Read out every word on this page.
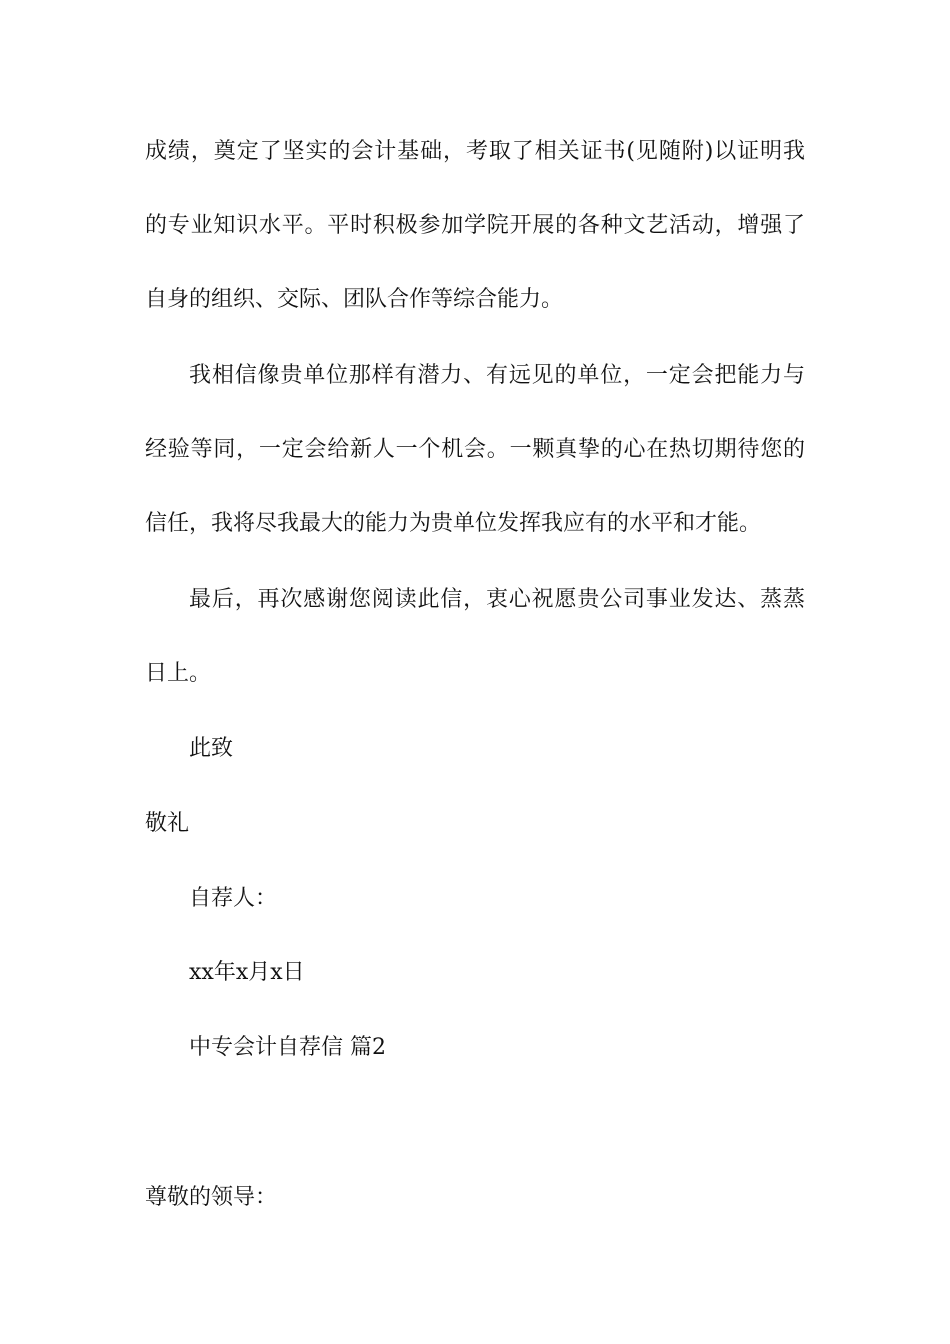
成绩，奠定了坚实的会计基础，考取了相关证书(见随附)以证明我
的专业知识水平。平时积极参加学院开展的各种文艺活动，增强了
自身的组织、交际、团队合作等综合能力。
我相信像贵单位那样有潜力、有远见的单位，一定会把能力与
经验等同，一定会给新人一个机会。一颗真挚的心在热切期待您的
信任，我将尽我最大的能力为贵单位发挥我应有的水平和才能。
最后，再次感谢您阅读此信，衷心祝愿贵公司事业发达、蒸蒸
日上。
此致
敬礼
自荐人：
xx年x月x日
中专会计自荐信 篇2
尊敬的领导：
